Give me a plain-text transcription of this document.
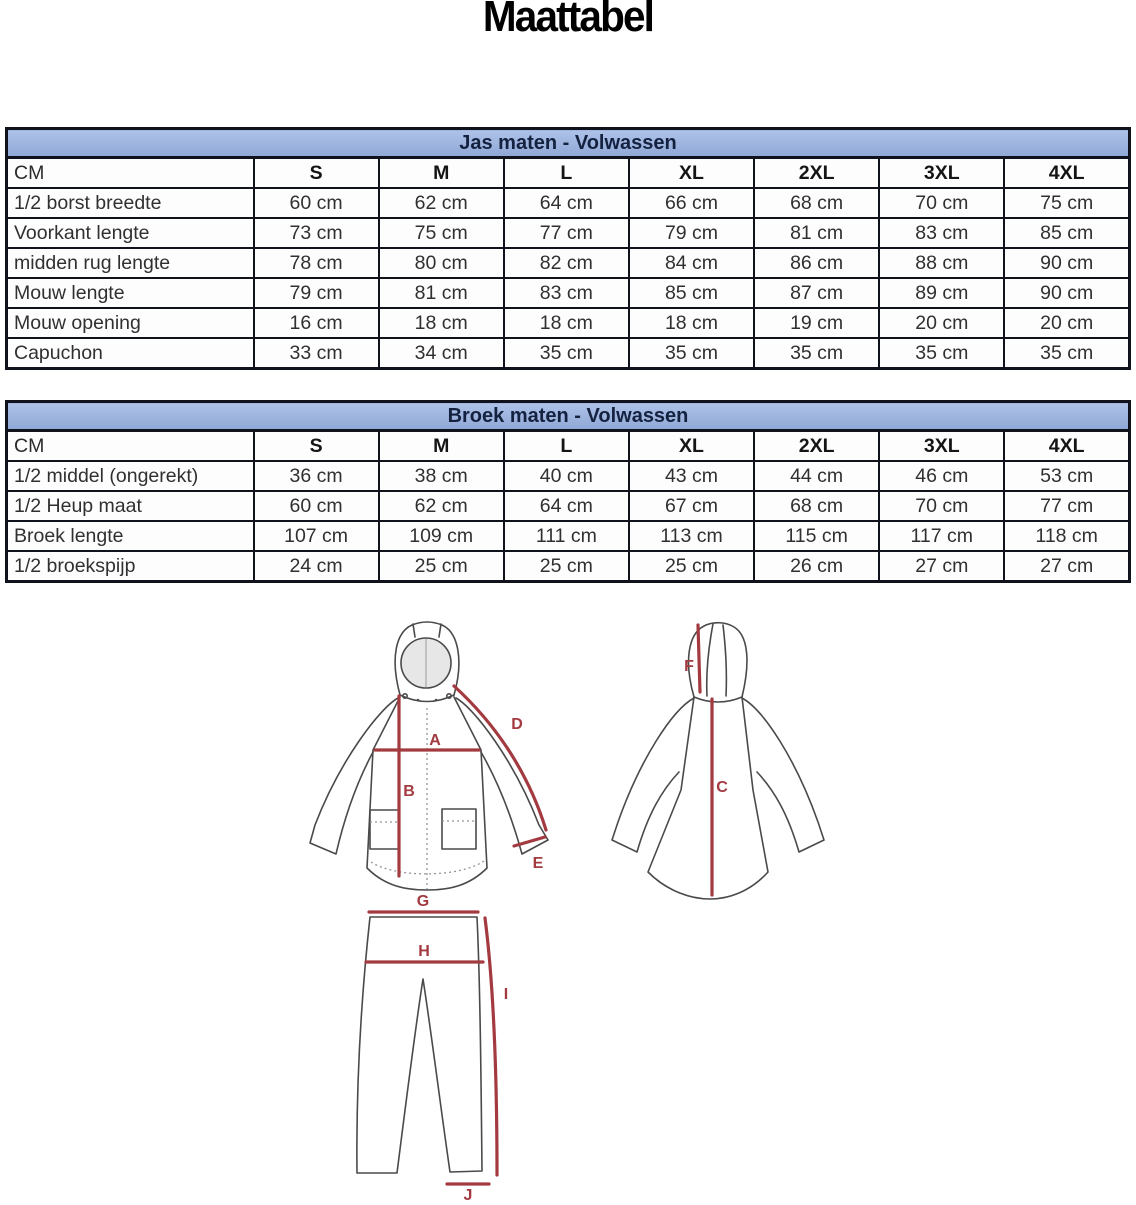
Maattabel
Jas maten - Volwassen							
CM	S	M	L	XL	2XL	3XL	4XL
1/2 borst breedte	60 cm	62 cm	64 cm	66 cm	68 cm	70 cm	75 cm
Voorkant lengte	73 cm	75 cm	77 cm	79 cm	81 cm	83 cm	85 cm
midden rug lengte	78 cm	80 cm	82 cm	84 cm	86 cm	88 cm	90 cm
Mouw lengte	79 cm	81 cm	83 cm	85 cm	87 cm	89 cm	90 cm
Mouw opening	16 cm	18 cm	18 cm	18 cm	19 cm	20 cm	20 cm
Capuchon	33 cm	34 cm	35 cm	35 cm	35 cm	35 cm	35 cm
Broek maten - Volwassen							
CM	S	M	L	XL	2XL	3XL	4XL
1/2 middel (ongerekt)	36 cm	38 cm	40 cm	43 cm	44 cm	46 cm	53 cm
1/2 Heup maat	60 cm	62 cm	64 cm	67 cm	68 cm	70 cm	77 cm
Broek lengte	107 cm	109 cm	111 cm	113 cm	115 cm	117 cm	118 cm
1/2 broekspijp	24 cm	25 cm	25 cm	25 cm	26 cm	27 cm	27 cm
A
B
D
E
C
F
G
H
I
J
